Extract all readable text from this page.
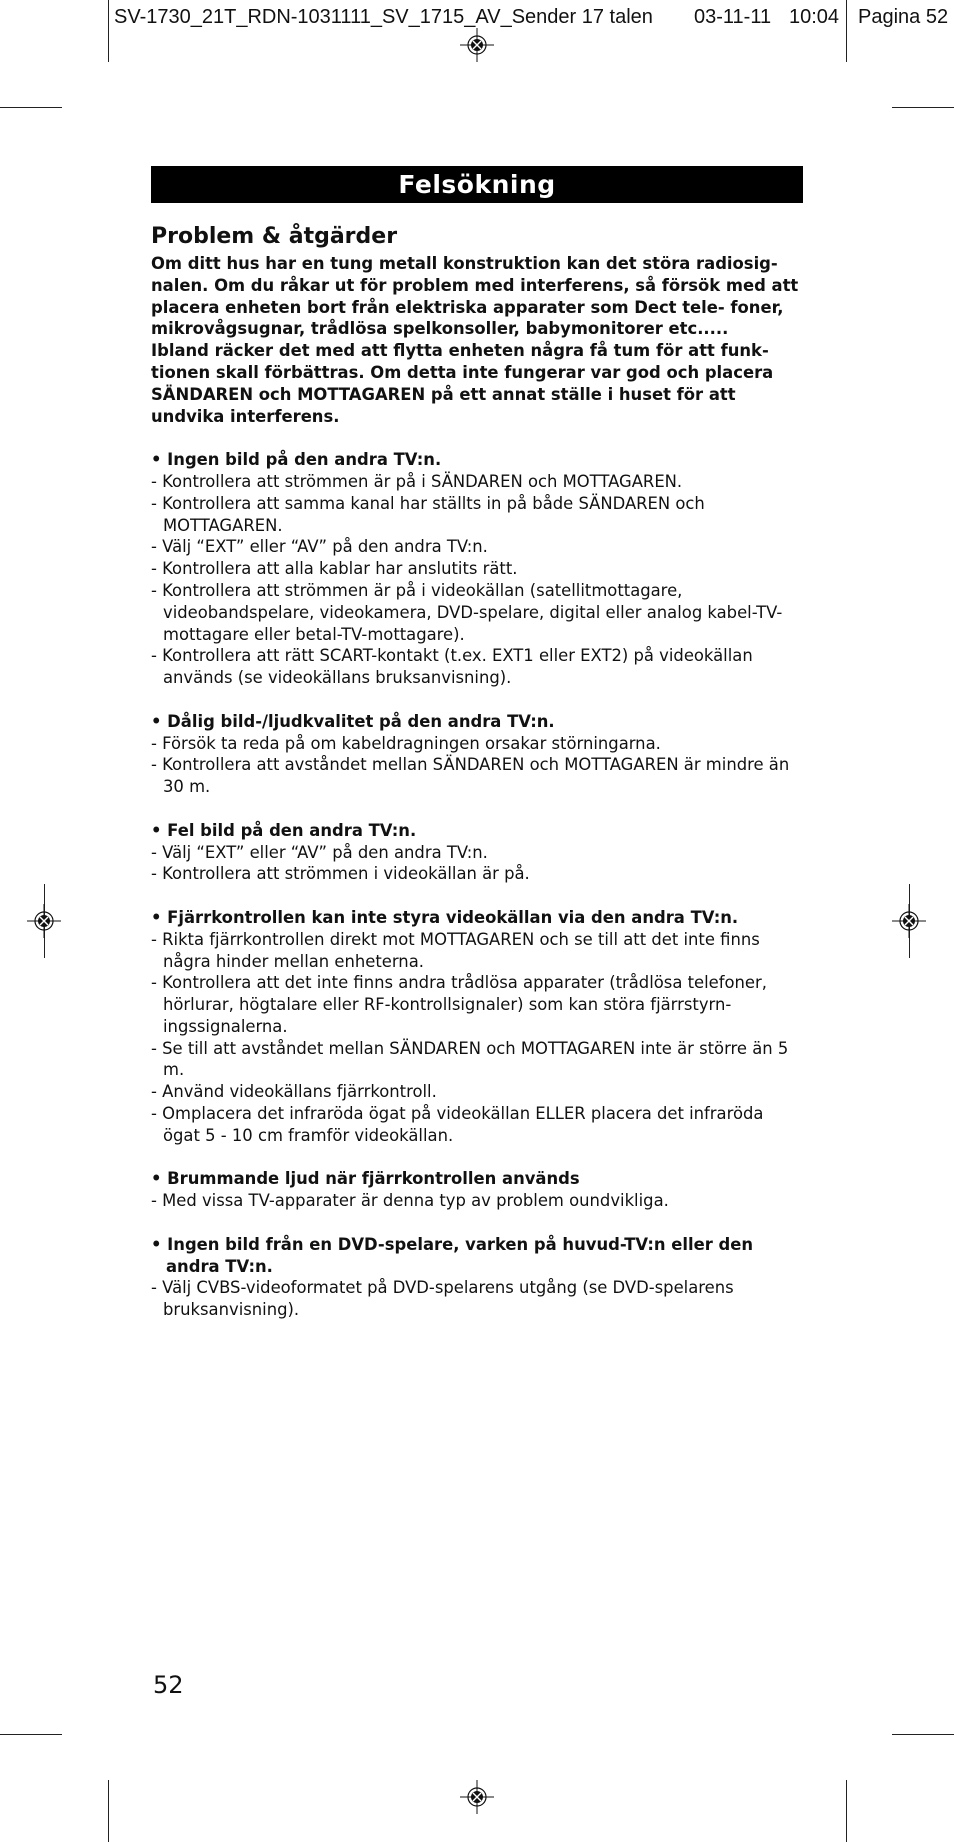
SV-1730_21T_RDN-1031111_SV_1715_AV_Sender 17 talen 03-11-11 10:04 Pagina 52
Felsökning
Problem & åtgärder

Om ditt hus har en tung metall konstruktion kan det störa radiosig- nalen. Om du råkar ut för problem med interferens, så försök med att placera enheten bort från elektriska apparater som Dect tele- foner, mikrovågsugnar, trådlösa spelkonsoller, babymonitorer etc.....

Ibland räcker det med att flytta enheten några få tum för att funk- tionen skall förbättras. Om detta inte fungerar var god och placera SÄNDAREN och MOTTAGAREN på ett annat ställe i huset för att undvika interferens.

• Ingen bild på den andra TV:n.
- Kontrollera att strömmen är på i SÄNDAREN och MOTTAGAREN.
- Kontrollera att samma kanal har ställts in på både SÄNDAREN och MOTTAGAREN.
- Välj “EXT” eller “AV” på den andra TV:n.
- Kontrollera att alla kablar har anslutits rätt.
- Kontrollera att strömmen är på i videokällan (satellitmottagare, videobandspelare, videokamera, DVD-spelare, digital eller analog kabel-TV-mottagare eller betal-TV-mottagare).
- Kontrollera att rätt SCART-kontakt (t.ex. EXT1 eller EXT2) på videokällan används (se videokällans bruksanvisning).
• Dålig bild-/ljudkvalitet på den andra TV:n.
- Försök ta reda på om kabeldragningen orsakar störningarna.
- Kontrollera att avståndet mellan SÄNDAREN och MOTTAGAREN är mindre än 30 m.
• Fel bild på den andra TV:n.
- Välj “EXT” eller “AV” på den andra TV:n.
- Kontrollera att strömmen i videokällan är på.
• Fjärrkontrollen kan inte styra videokällan via den andra TV:n.
- Rikta fjärrkontrollen direkt mot MOTTAGAREN och se till att det inte finns några hinder mellan enheterna.
- Kontrollera att det inte finns andra trådlösa apparater (trådlösa telefoner, hörlurar, högtalare eller RF-kontrollsignaler) som kan störa fjärrstyrn- ingssignalerna.
- Se till att avståndet mellan SÄNDAREN och MOTTAGAREN inte är större än 5 m.
- Använd videokällans fjärrkontroll.
- Omplacera det infraröda ögat på videokällan ELLER placera det infraröda ögat 5 - 10 cm framför videokällan.
• Brummande ljud när fjärrkontrollen används
- Med vissa TV-apparater är denna typ av problem oundvikliga.
• Ingen bild från en DVD-spelare, varken på huvud-TV:n eller den andra TV:n.
- Välj CVBS-videoformatet på DVD-spelarens utgång (se DVD-spelarens bruksanvisning).
52
